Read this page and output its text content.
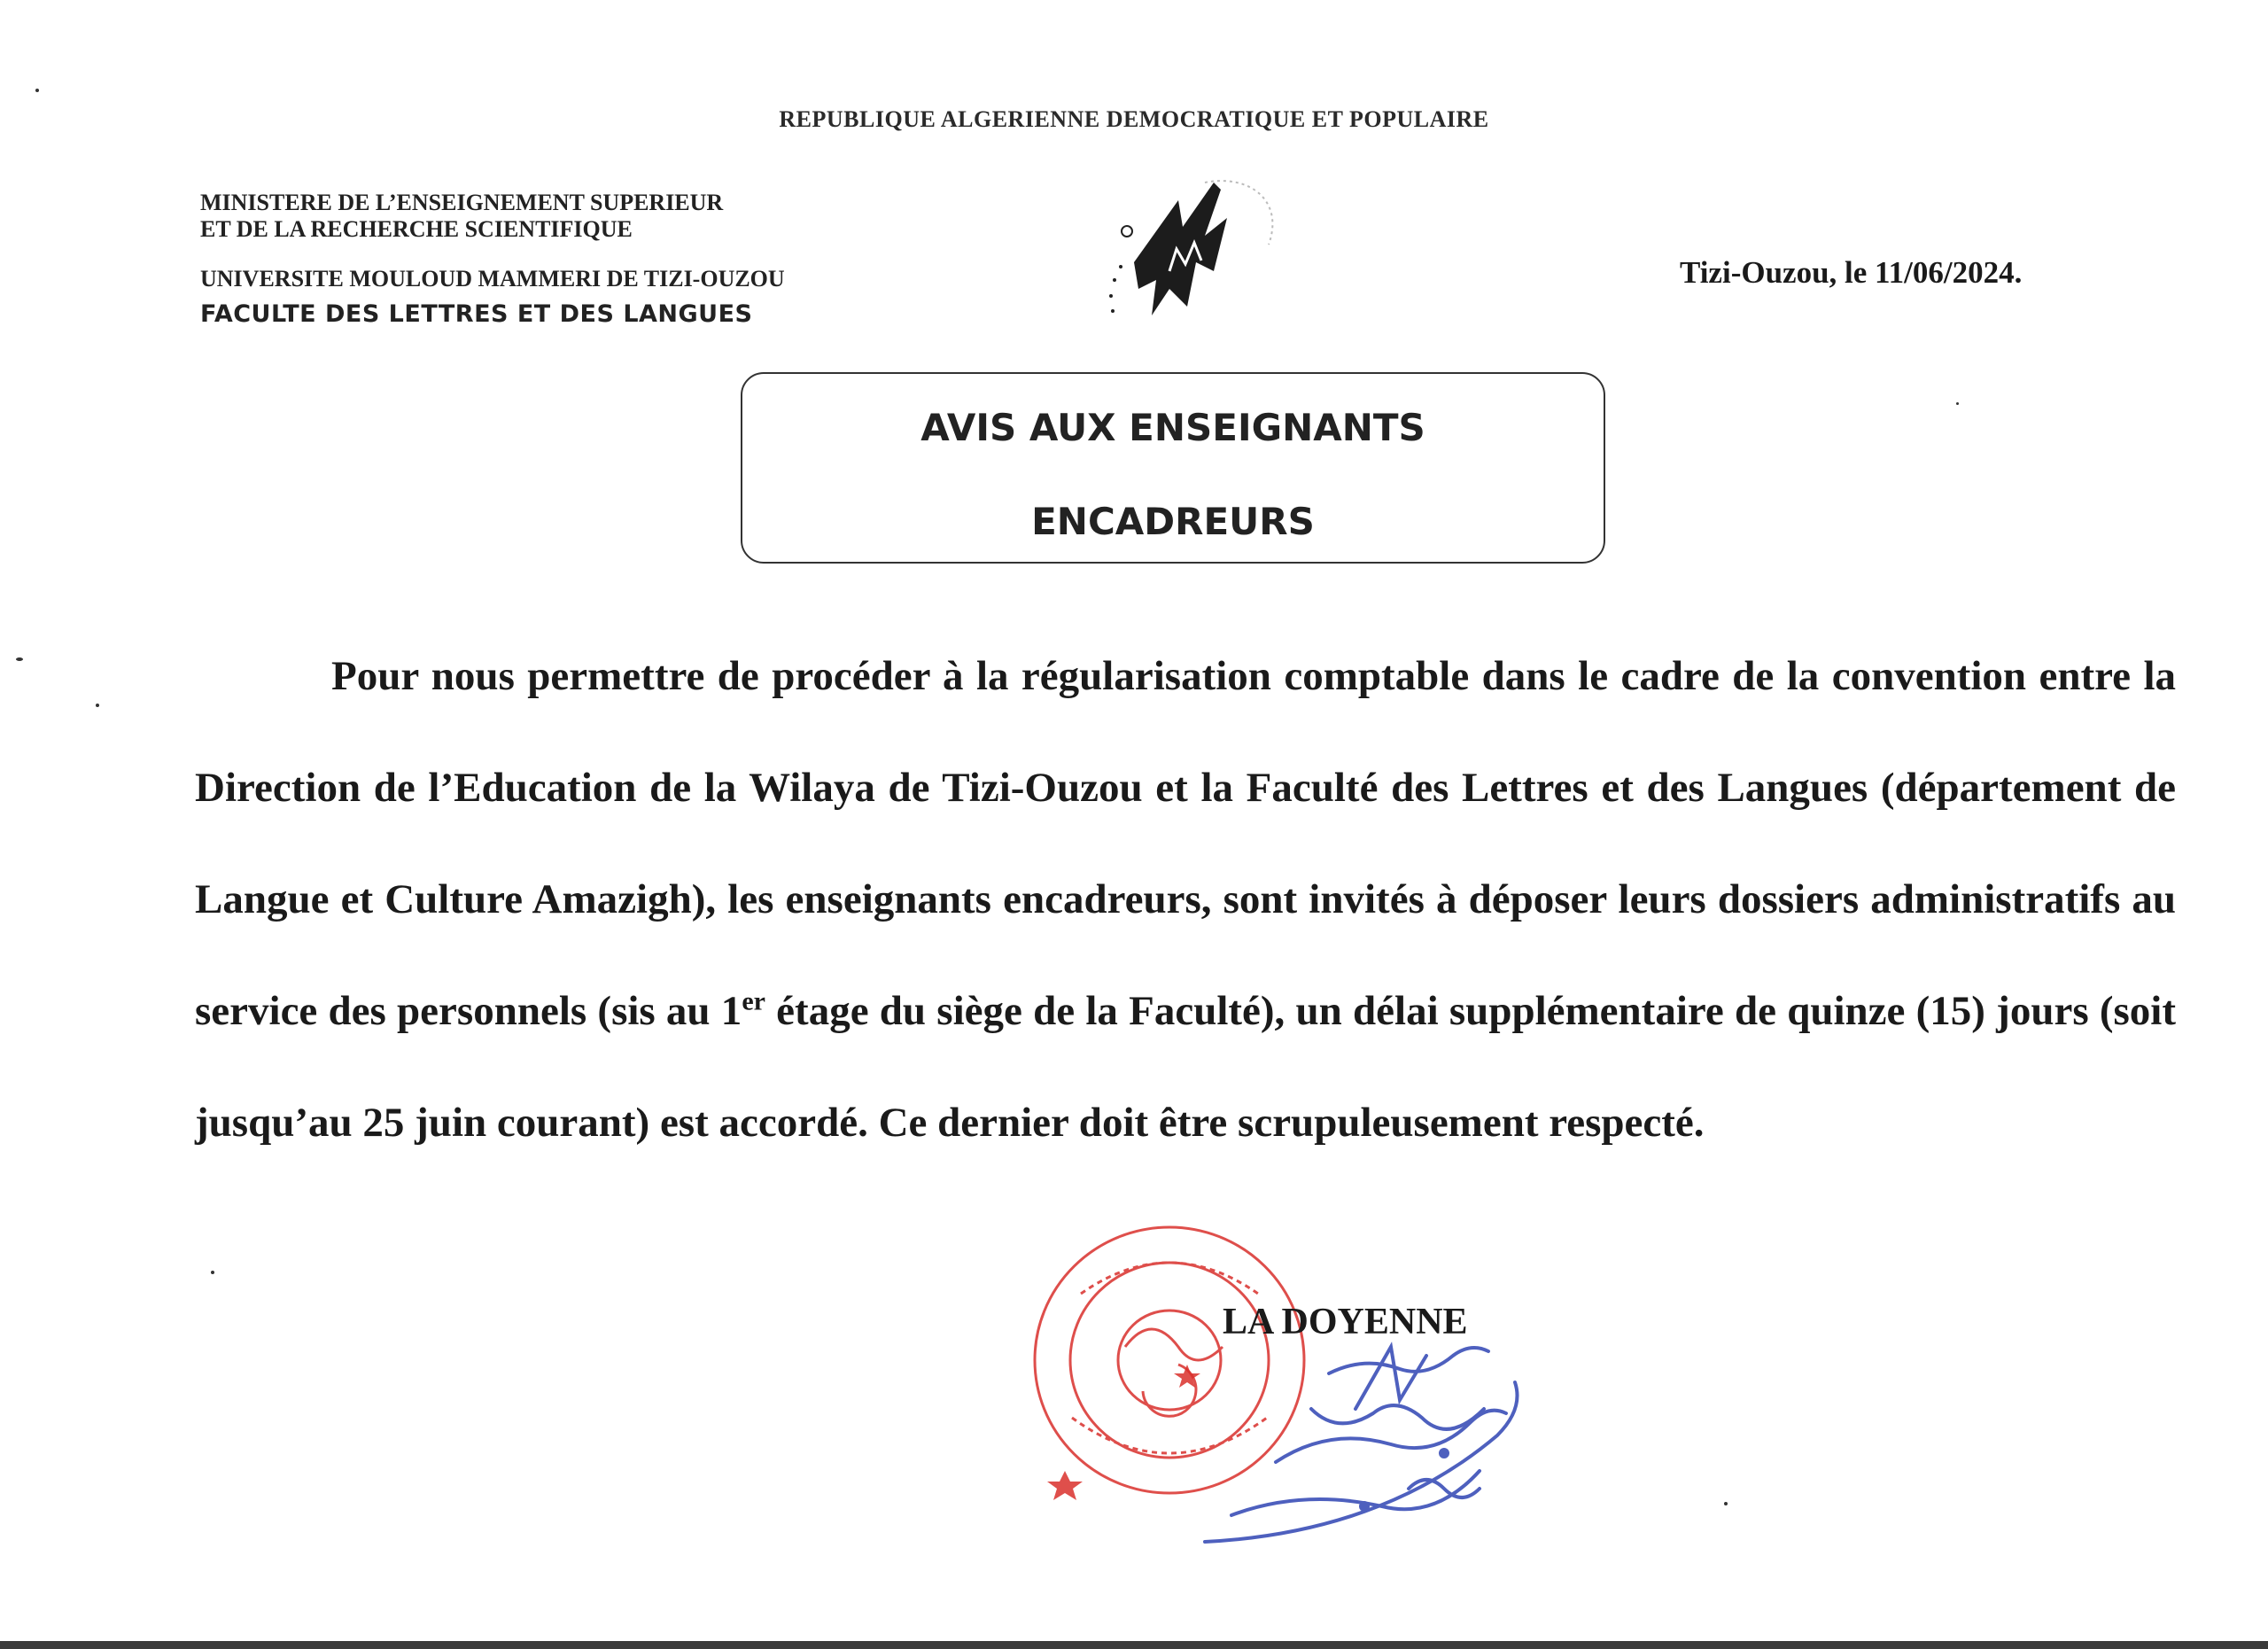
REPUBLIQUE ALGERIENNE DEMOCRATIQUE ET POPULAIRE
MINISTERE DE L’ENSEIGNEMENT SUPERIEUR
ET DE LA RECHERCHE SCIENTIFIQUE
UNIVERSITE MOULOUD MAMMERI DE TIZI-OUZOU
FACULTE DES LETTRES ET DES LANGUES
Tizi-Ouzou, le 11/06/2024.
AVIS AUX ENSEIGNANTS
ENCADREURS
Pour nous permettre de procéder à la régularisation comptable dans le cadre de la convention entre la Direction de l’Education de la Wilaya de Tizi-Ouzou et la Faculté des Lettres et des Langues (département de Langue et Culture Amazigh), les enseignants encadreurs, sont invités à déposer leurs dossiers administratifs au service des personnels (sis au 1er étage du siège de la Faculté), un délai supplémentaire de quinze (15) jours (soit jusqu’au 25 juin courant) est accordé. Ce dernier doit être scrupuleusement respecté.
LA DOYENNE
